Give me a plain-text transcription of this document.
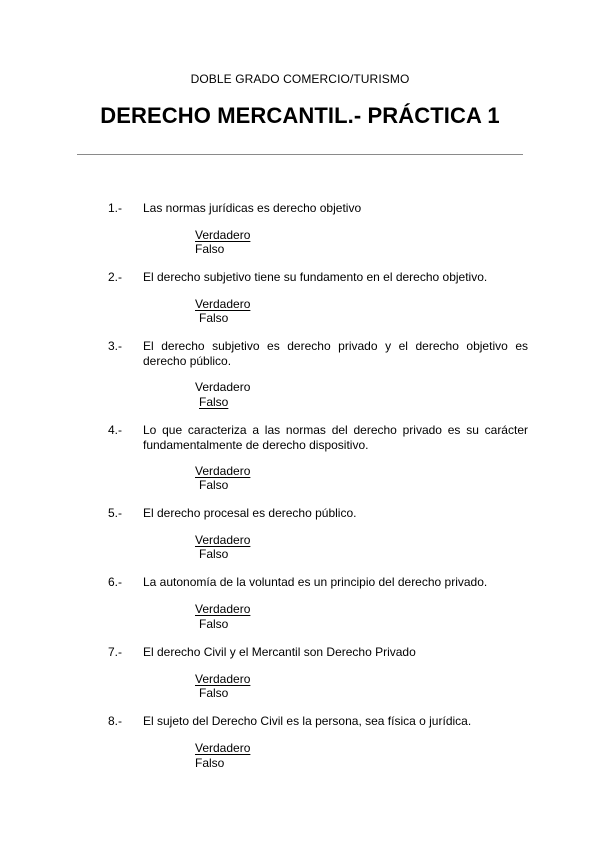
DOBLE GRADO COMERCIO/TURISMO
DERECHO MERCANTIL.- PRÁCTICA 1
1.-	Las normas jurídicas es derecho objetivo
Verdadero
Falso
2.-	El derecho subjetivo tiene su fundamento en el derecho objetivo.
Verdadero
Falso
3.-	El derecho subjetivo es derecho privado y el derecho objetivo es derecho público.
Verdadero
Falso
4.-	Lo que caracteriza a las normas del derecho privado es su carácter fundamentalmente de derecho dispositivo.
Verdadero
Falso
5.-	El derecho procesal es derecho público.
Verdadero
Falso
6.-	La autonomía de la voluntad es un principio del derecho privado.
Verdadero
Falso
7.-	El derecho Civil y el Mercantil son Derecho Privado
Verdadero
Falso
8.-	El sujeto del Derecho Civil es la persona, sea física o jurídica.
Verdadero
Falso
